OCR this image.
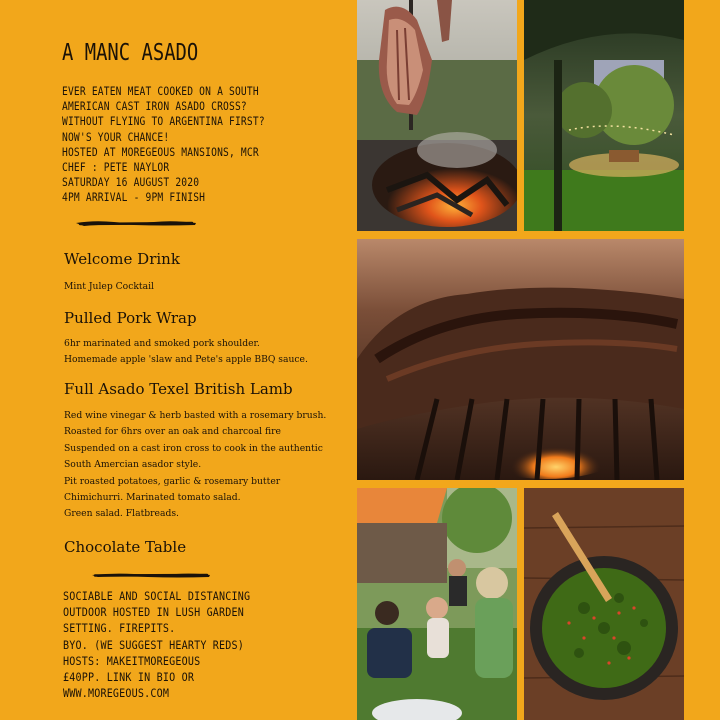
A MANC ASADO
EVER EATEN MEAT COOKED ON A SOUTH
AMERICAN CAST IRON ASADO CROSS?
WITHOUT FLYING TO ARGENTINA FIRST?
NOW'S YOUR CHANCE!
HOSTED AT MOREGEOUS MANSIONS, MCR
CHEF : PETE NAYLOR
SATURDAY 16 AUGUST 2020
4PM ARRIVAL - 9PM FINISH
Welcome Drink
Mint Julep Cocktail
Pulled Pork Wrap
6hr marinated and smoked pork shoulder.
Homemade apple 'slaw and Pete's apple BBQ sauce.
Full Asado Texel British Lamb
Red wine vinegar & herb basted with a rosemary brush.
Roasted for 6hrs over an oak and charcoal fire
Suspended on a cast iron cross to cook in the authentic
South Amercian asador style.
Pit roasted potatoes, garlic & rosemary butter
Chimichurri. Marinated tomato salad.
Green salad. Flatbreads.
Chocolate Table
SOCIABLE AND SOCIAL DISTANCING
OUTDOOR HOSTED IN LUSH GARDEN
SETTING. FIREPITS.
BYO. (WE SUGGEST HEARTY REDS)
HOSTS: MAKEITMOREGEOUS
£40PP. LINK IN BIO OR
WWW.MOREGEOUS.COM
